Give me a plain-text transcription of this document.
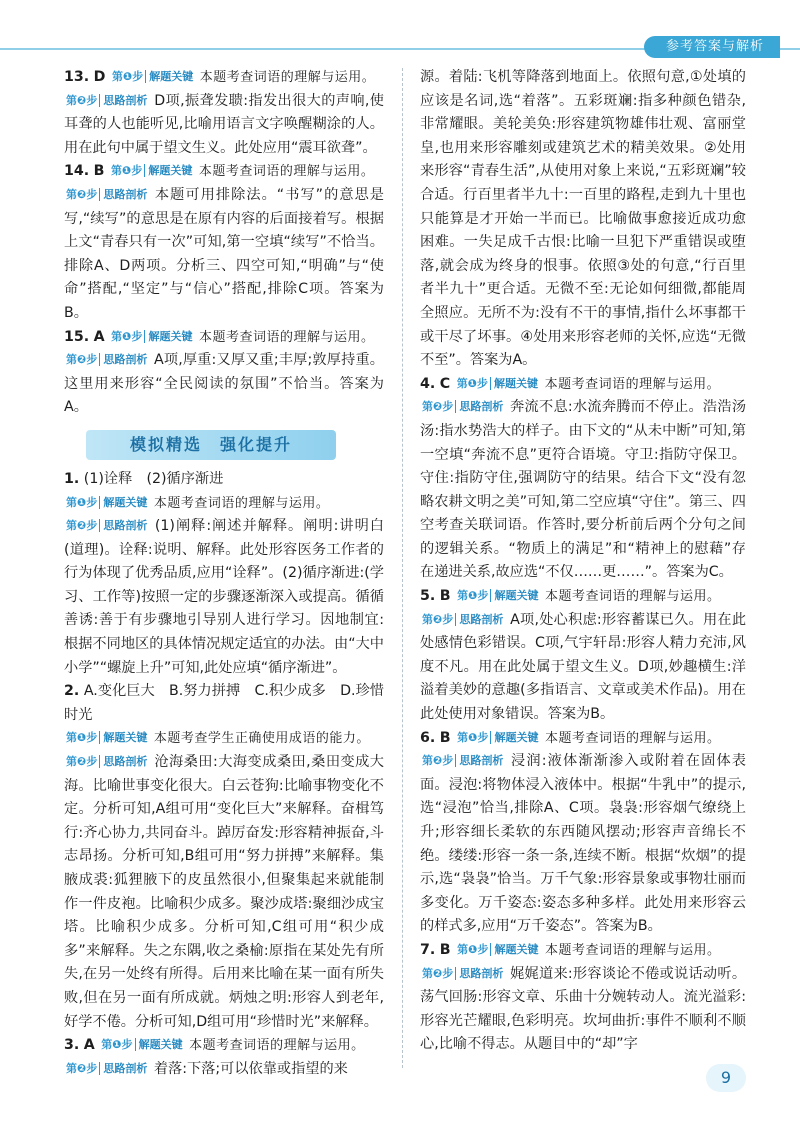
参考答案与解析
13. D 第❶步 解题关键 本题考查词语的理解与运用。

第❷步 思路剖析 D项,振聋发聩:指发出很大的声响,使耳聋的人也能听见,比喻用语言文字唤醒糊涂的人。用在此句中属于望文生义。此处应用“震耳欲聋”。

14. B 第❶步 解题关键 本题考查词语的理解与运用。

第❷步 思路剖析 本题可用排除法。“书写”的意思是写,“续写”的意思是在原有内容的后面接着写。根据上文“青春只有一次”可知,第一空填“续写”不恰当。排除A、D两项。分析三、四空可知,“明确”与“使命”搭配,“坚定”与“信心”搭配,排除C项。答案为B。

15. A 第❶步 解题关键 本题考查词语的理解与运用。

第❷步 思路剖析 A项,厚重:又厚又重;丰厚;敦厚持重。这里用来形容“全民阅读的氛围”不恰当。答案为A。

模拟精选　强化提升
1. (1)诠释　(2)循序渐进
第❶步 解题关键 本题考查词语的理解与运用。

第❷步 思路剖析 (1)阐释:阐述并解释。阐明:讲明白(道理)。诠释:说明、解释。此处形容医务工作者的行为体现了优秀品质,应用“诠释”。(2)循序渐进:(学习、工作等)按照一定的步骤逐渐深入或提高。循循善诱:善于有步骤地引导别人进行学习。因地制宜:根据不同地区的具体情况规定适宜的办法。由“大中小学”“螺旋上升”可知,此处应填“循序渐进”。

2. A.变化巨大　B.努力拼搏　C.积少成多　D.珍惜时光
第❶步 解题关键 本题考查学生正确使用成语的能力。

第❷步 思路剖析 沧海桑田:大海变成桑田,桑田变成大海。比喻世事变化很大。白云苍狗:比喻事物变化不定。分析可知,A组可用“变化巨大”来解释。奋楫笃行:齐心协力,共同奋斗。踔厉奋发:形容精神振奋,斗志昂扬。分析可知,B组可用“努力拼搏”来解释。集腋成裘:狐狸腋下的皮虽然很小,但聚集起来就能制作一件皮袍。比喻积少成多。聚沙成塔:聚细沙成宝塔。比喻积少成多。分析可知,C组可用“积少成多”来解释。失之东隅,收之桑榆:原指在某处先有所失,在另一处终有所得。后用来比喻在某一面有所失败,但在另一面有所成就。炳烛之明:形容人到老年,好学不倦。分析可知,D组可用“珍惜时光”来解释。

3. A 第❶步 解题关键 本题考查词语的理解与运用。

第❷步 思路剖析 着落:下落;可以依靠或指望的来

源。着陆:飞机等降落到地面上。依照句意,①处填的应该是名词,选“着落”。五彩斑斓:指多种颜色错杂,非常耀眼。美轮美奂:形容建筑物雄伟壮观、富丽堂皇,也用来形容雕刻或建筑艺术的精美效果。②处用来形容“青春生活”,从使用对象上来说,“五彩斑斓”较合适。行百里者半九十:一百里的路程,走到九十里也只能算是才开始一半而已。比喻做事愈接近成功愈困难。一失足成千古恨:比喻一旦犯下严重错误或堕落,就会成为终身的恨事。依照③处的句意,“行百里者半九十”更合适。无微不至:无论如何细微,都能周全照应。无所不为:没有不干的事情,指什么坏事都干或干尽了坏事。④处用来形容老师的关怀,应选“无微不至”。答案为A。

4. C 第❶步 解题关键 本题考查词语的理解与运用。

第❷步 思路剖析 奔流不息:水流奔腾而不停止。浩浩汤汤:指水势浩大的样子。由下文的“从未中断”可知,第一空填“奔流不息”更符合语境。守卫:指防守保卫。守住:指防守住,强调防守的结果。结合下文“没有忽略农耕文明之美”可知,第二空应填“守住”。第三、四空考查关联词语。作答时,要分析前后两个分句之间的逻辑关系。“物质上的满足”和“精神上的慰藉”存在递进关系,故应选“不仅……更……”。答案为C。

5. B 第❶步 解题关键 本题考查词语的理解与运用。

第❷步 思路剖析 A项,处心积虑:形容蓄谋已久。用在此处感情色彩错误。C项,气宇轩昂:形容人精力充沛,风度不凡。用在此处属于望文生义。D项,妙趣横生:洋溢着美妙的意趣(多指语言、文章或美术作品)。用在此处使用对象错误。答案为B。

6. B 第❶步 解题关键 本题考查词语的理解与运用。

第❷步 思路剖析 浸润:液体渐渐渗入或附着在固体表面。浸泡:将物体浸入液体中。根据“牛乳中”的提示,选“浸泡”恰当,排除A、C项。袅袅:形容烟气缭绕上升;形容细长柔软的东西随风摆动;形容声音绵长不绝。缕缕:形容一条一条,连续不断。根据“炊烟”的提示,选“袅袅”恰当。万千气象:形容景象或事物壮丽而多变化。万千姿态:姿态多种多样。此处用来形容云的样式多,应用“万千姿态”。答案为B。

7. B 第❶步 解题关键 本题考查词语的理解与运用。

第❷步 思路剖析 娓娓道来:形容谈论不倦或说话动听。荡气回肠:形容文章、乐曲十分婉转动人。流光溢彩:形容光芒耀眼,色彩明亮。坎坷曲折:事件不顺利不顺心,比喻不得志。从题目中的“却”字

9
